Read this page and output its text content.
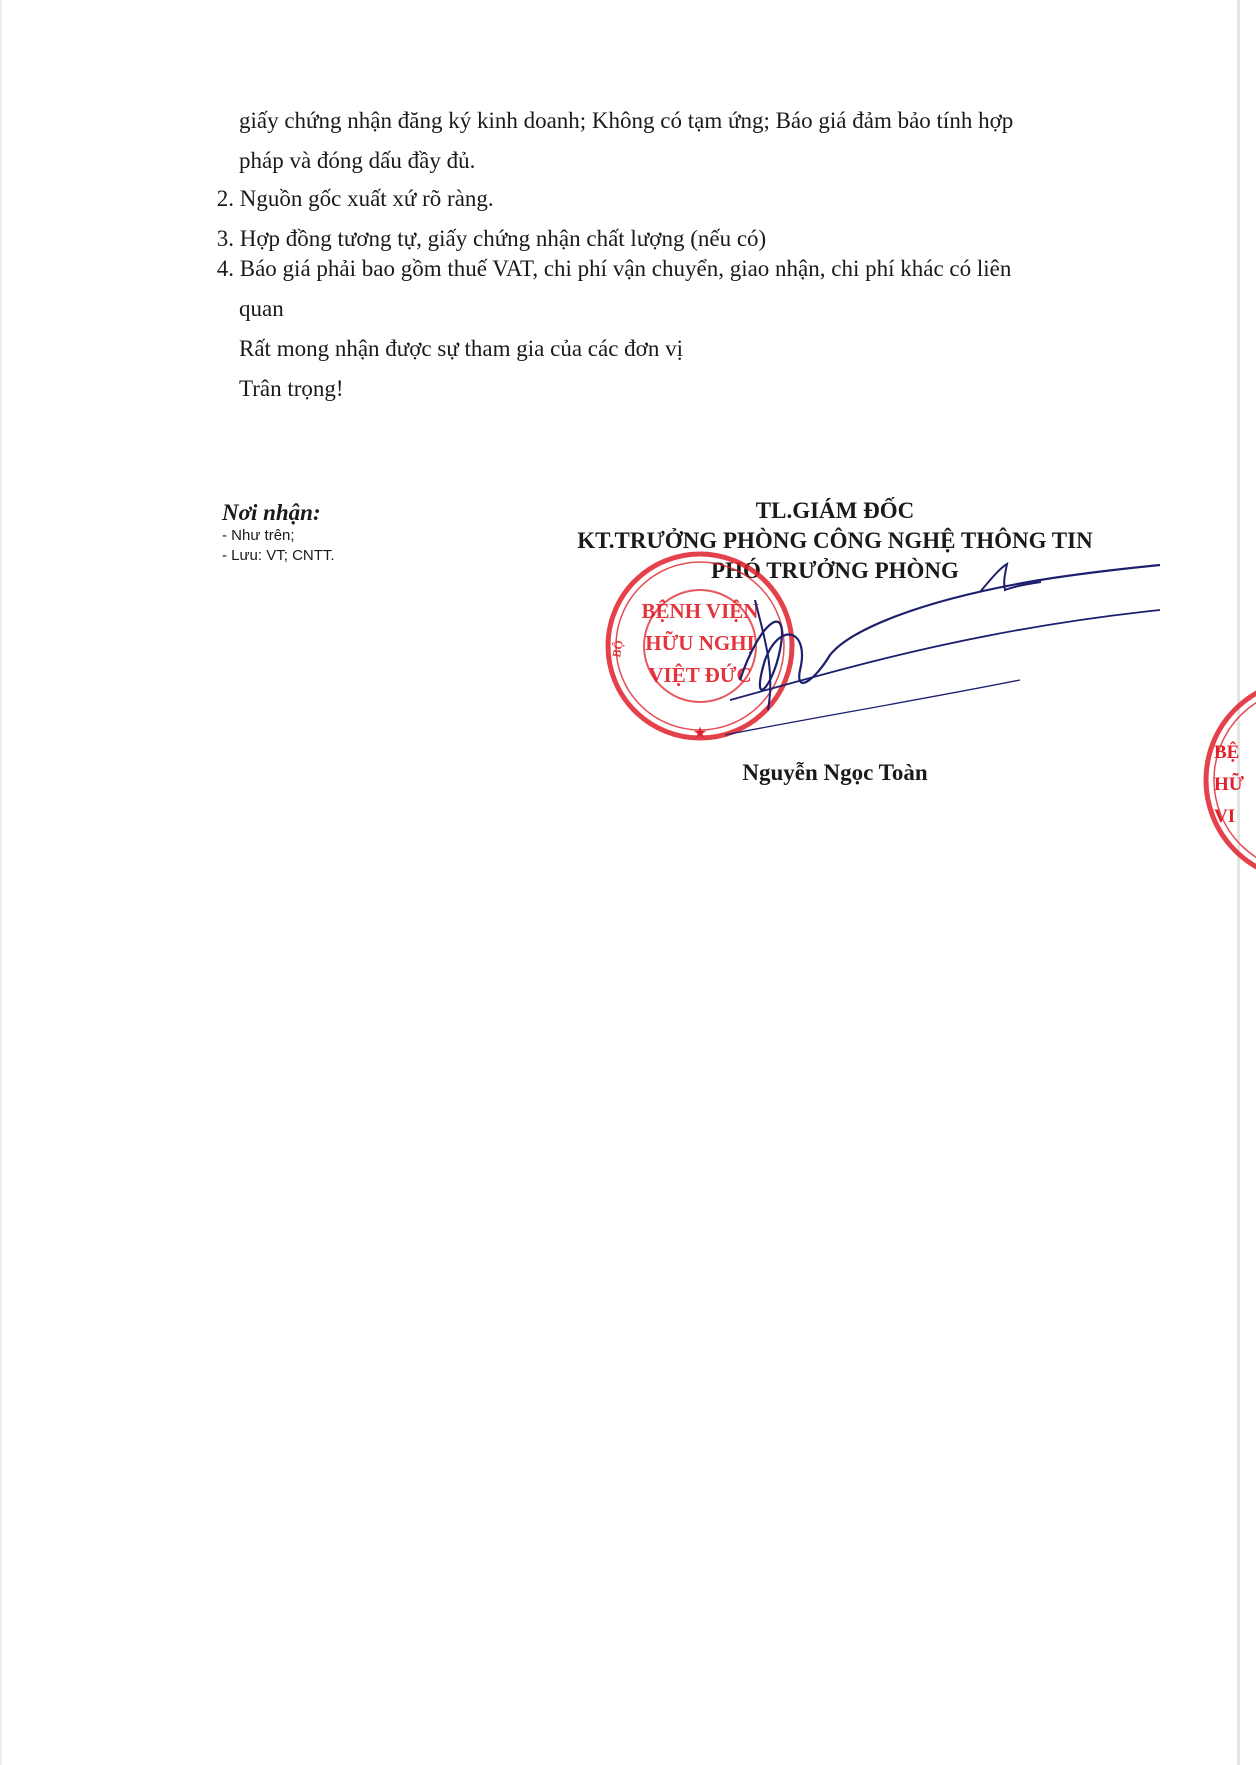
giấy chứng nhận đăng ký kinh doanh; Không có tạm ứng; Báo giá đảm bảo tính hợp
pháp và đóng dấu đầy đủ.
2. Nguồn gốc xuất xứ rõ ràng.
3. Hợp đồng tương tự, giấy chứng nhận chất lượng (nếu có)
4. Báo giá phải bao gồm thuế VAT, chi phí vận chuyển, giao nhận, chi phí khác có liên
quan
Rất mong nhận được sự tham gia của các đơn vị
Trân trọng!
Nơi nhận:
- Như trên;
- Lưu: VT; CNTT.
TL.GIÁM ĐỐC
KT.TRƯỞNG PHÒNG CÔNG NGHỆ THÔNG TIN
PHÓ TRƯỞNG PHÒNG
BỆNH VIỆN
HỮU NGHỊ
VIỆT ĐỨC
BỘ
★
Nguyễn Ngọc Toàn
BỆ
HỮ
VI
